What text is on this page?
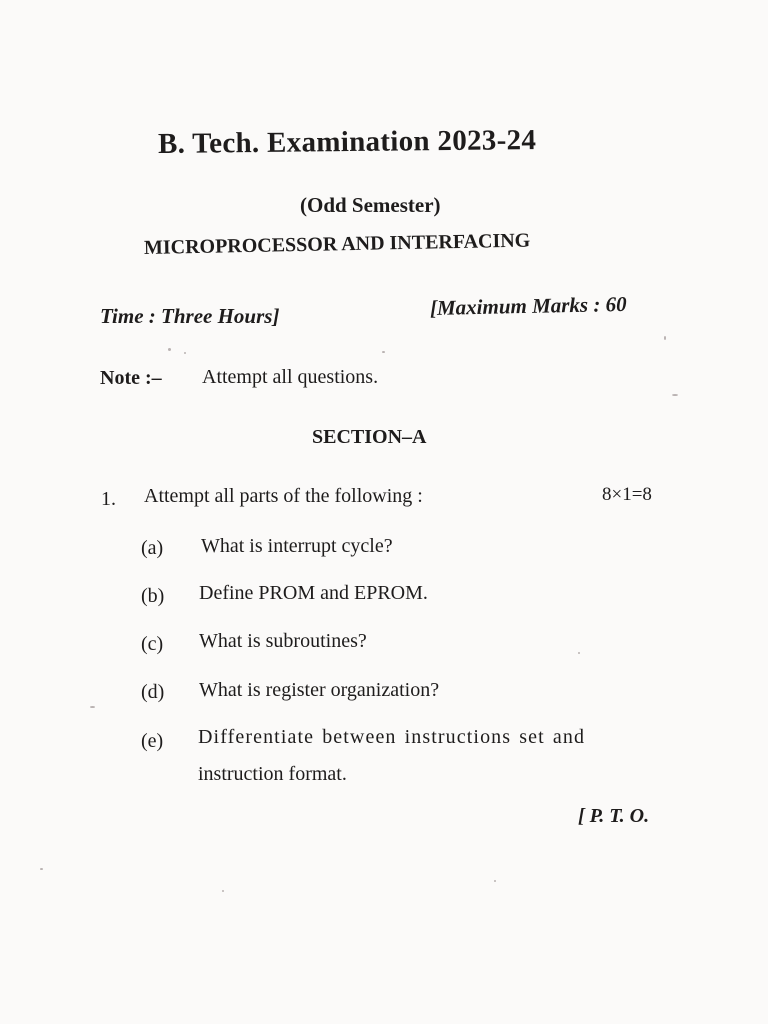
B. Tech. Examination 2023-24
(Odd Semester)
MICROPROCESSOR AND INTERFACING
Time : Three Hours]	[Maximum Marks : 60
Note :– Attempt all questions.
SECTION–A
1. Attempt all parts of the following :	8×1=8
(a) What is interrupt cycle?
(b) Define PROM and EPROM.
(c) What is subroutines?
(d) What is register organization?
(e) Differentiate between instructions set and
instruction format.
[ P. T. O.
